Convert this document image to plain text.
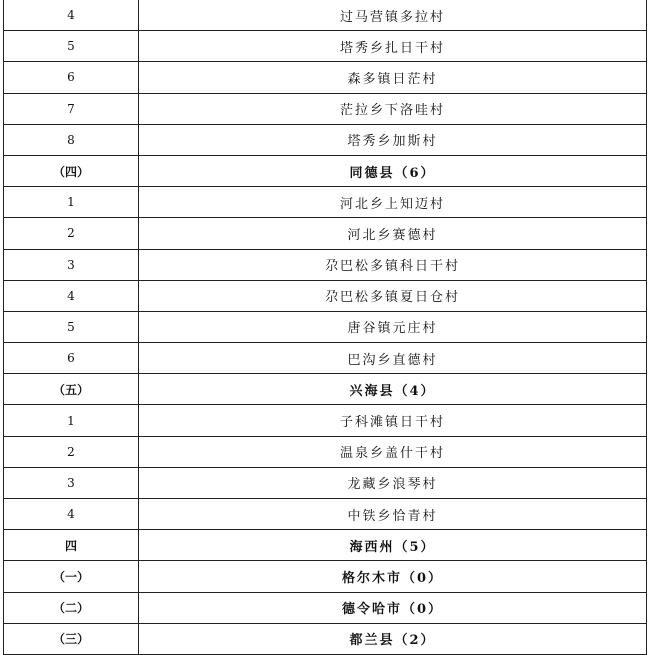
4	过马营镇多拉村
5	塔秀乡扎日干村
6	森多镇日茫村
7	茫拉乡下洛哇村
8	塔秀乡加斯村
（四）	同德县（6）
1	河北乡上知迈村
2	河北乡赛德村
3	尕巴松多镇科日干村
4	尕巴松多镇夏日仓村
5	唐谷镇元庄村
6	巴沟乡直德村
（五）	兴海县（4）
1	子科滩镇日干村
2	温泉乡盖什干村
3	龙藏乡浪琴村
4	中铁乡恰青村
四	海西州（5）
（一）	格尔木市（0）
（二）	德令哈市（0）
（三）	都兰县（2）
